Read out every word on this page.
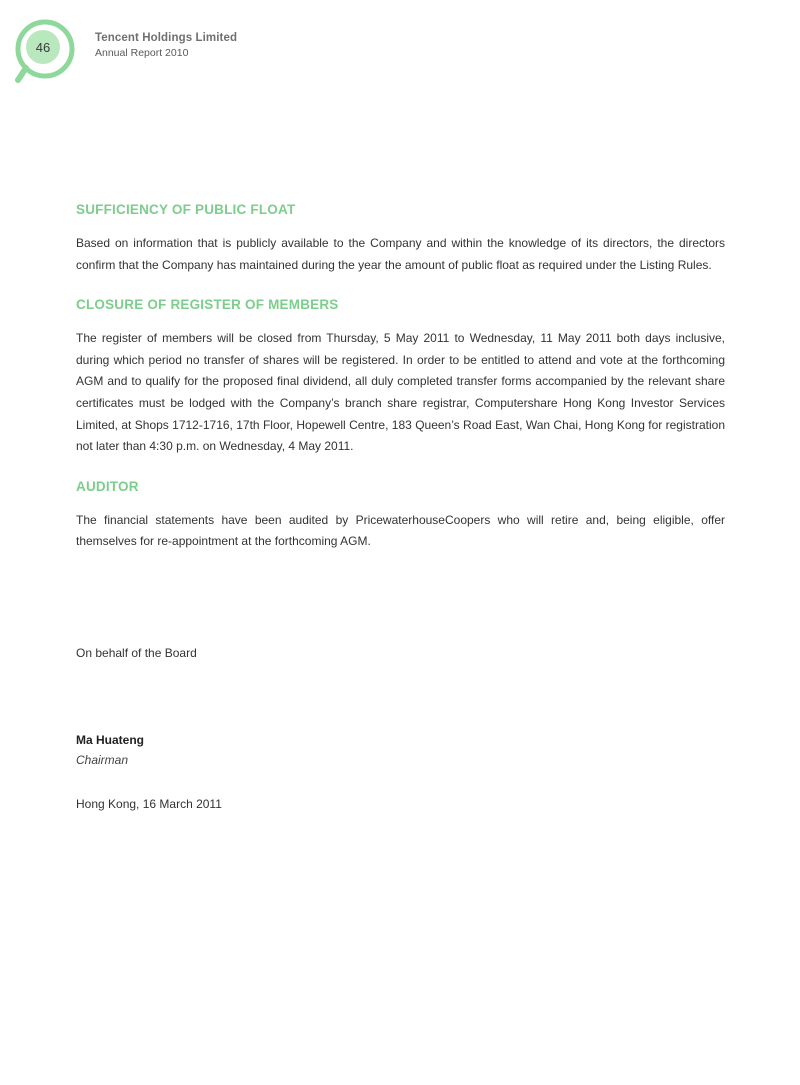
46
Tencent Holdings Limited
Annual Report 2010
SUFFICIENCY OF PUBLIC FLOAT

Based on information that is publicly available to the Company and within the knowledge of its directors, the directors confirm that the Company has maintained during the year the amount of public float as required under the Listing Rules.

CLOSURE OF REGISTER OF MEMBERS

The register of members will be closed from Thursday, 5 May 2011 to Wednesday, 11 May 2011 both days inclusive, during which period no transfer of shares will be registered. In order to be entitled to attend and vote at the forthcoming AGM and to qualify for the proposed final dividend, all duly completed transfer forms accompanied by the relevant share certificates must be lodged with the Company’s branch share registrar, Computershare Hong Kong Investor Services Limited, at Shops 1712-1716, 17th Floor, Hopewell Centre, 183 Queen’s Road East, Wan Chai, Hong Kong for registration not later than 4:30 p.m. on Wednesday, 4 May 2011.

AUDITOR

The financial statements have been audited by PricewaterhouseCoopers who will retire and, being eligible, offer themselves for re-appointment at the forthcoming AGM.

On behalf of the Board
Ma Huateng
Chairman
Hong Kong, 16 March 2011
